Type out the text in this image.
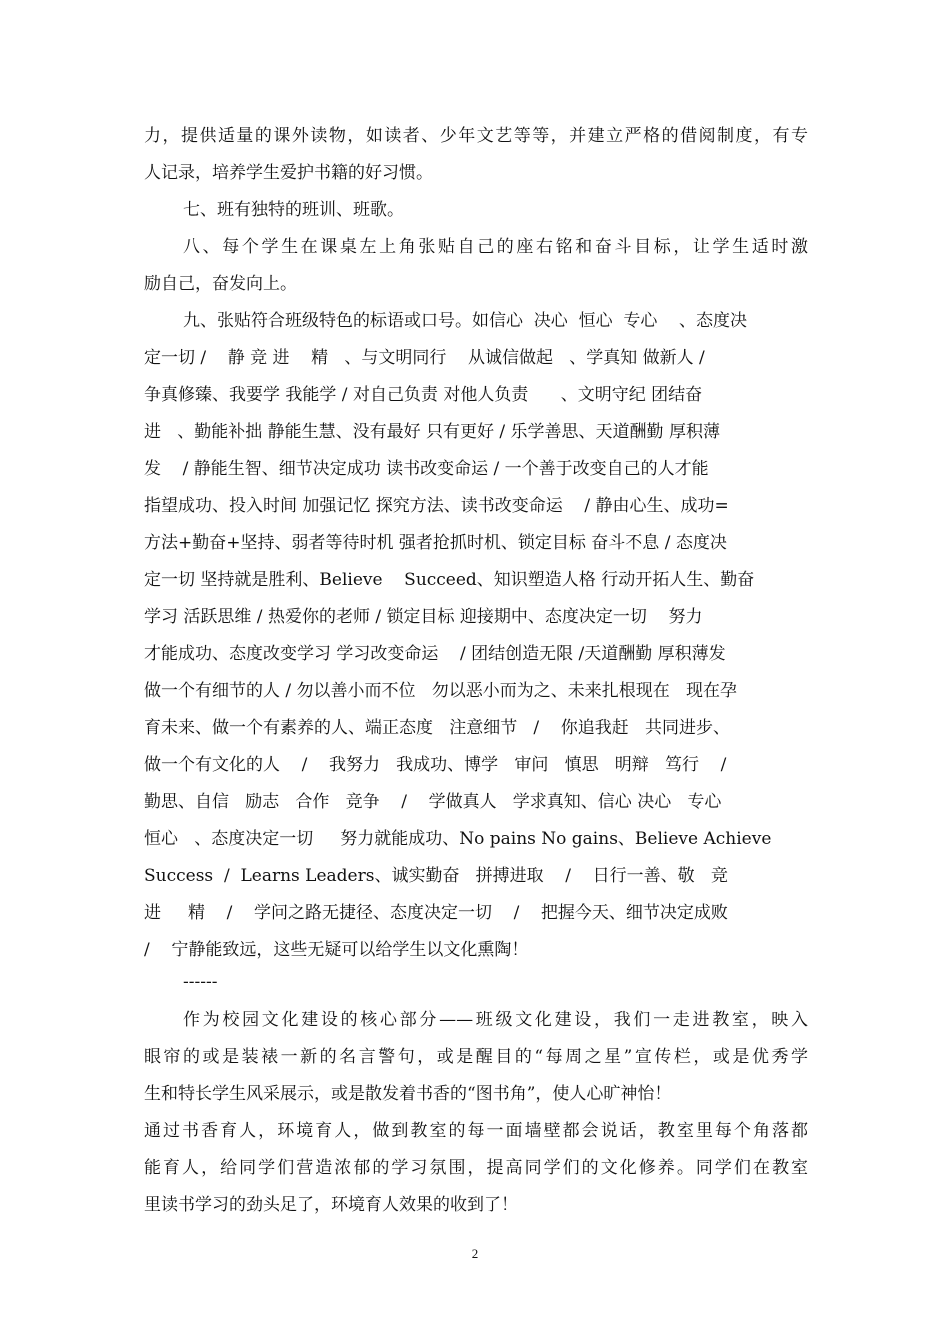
力，提供适量的课外读物，如读者、少年文艺等等，并建立严格的借阅制度，有专
人记录，培养学生爱护书籍的好习惯。
七、班有独特的班训、班歌。
八、每个学生在课桌左上角张贴自己的座右铭和奋斗目标，让学生适时激
励自己，奋发向上。
九、张贴符合班级特色的标语或口号。如信心  决心  恒心  专心    、态度决
定一切 /    静 竞 进    精   、与文明同行    从诚信做起   、学真知 做新人 /
争真修臻、我要学 我能学 / 对自己负责 对他人负责      、文明守纪 团结奋
进   、勤能补拙 静能生慧、没有最好 只有更好 / 乐学善思、天道酬勤 厚积薄
发    / 静能生智、细节决定成功 读书改变命运 / 一个善于改变自己的人才能
指望成功、投入时间 加强记忆 探究方法、读书改变命运    / 静由心生、成功=
方法+勤奋+坚持、弱者等待时机 强者抢抓时机、锁定目标 奋斗不息 / 态度决
定一切 坚持就是胜利、Believe    Succeed、知识塑造人格 行动开拓人生、勤奋
学习 活跃思维 / 热爱你的老师 / 锁定目标 迎接期中、态度决定一切    努力
才能成功、态度改变学习 学习改变命运    / 团结创造无限 /天道酬勤 厚积薄发
做一个有细节的人 / 勿以善小而不位   勿以恶小而为之、未来扎根现在   现在孕
育未来、做一个有素养的人、端正态度   注意细节   /    你追我赶   共同进步、
做一个有文化的人    /    我努力   我成功、博学   审问   慎思   明辩   笃行    /
勤思、自信   励志   合作   竞争    /    学做真人   学求真知、信心 决心   专心
恒心   、态度决定一切     努力就能成功、No pains No gains、Believe Achieve
Success  /  Learns Leaders、诚实勤奋   拼搏进取    /    日行一善、敬   竞
进     精    /    学问之路无捷径、态度决定一切    /    把握今天、细节决定成败
/    宁静能致远，这些无疑可以给学生以文化熏陶！
------
作为校园文化建设的核心部分——班级文化建设，我们一走进教室，映入
眼帘的或是装裱一新的名言警句，或是醒目的“每周之星”宣传栏，或是优秀学
生和特长学生风采展示，或是散发着书香的“图书角”，使人心旷神怡！
通过书香育人，环境育人，做到教室的每一面墙壁都会说话，教室里每个角落都
能育人，给同学们营造浓郁的学习氛围，提高同学们的文化修养。同学们在教室
里读书学习的劲头足了，环境育人效果的收到了！
2
